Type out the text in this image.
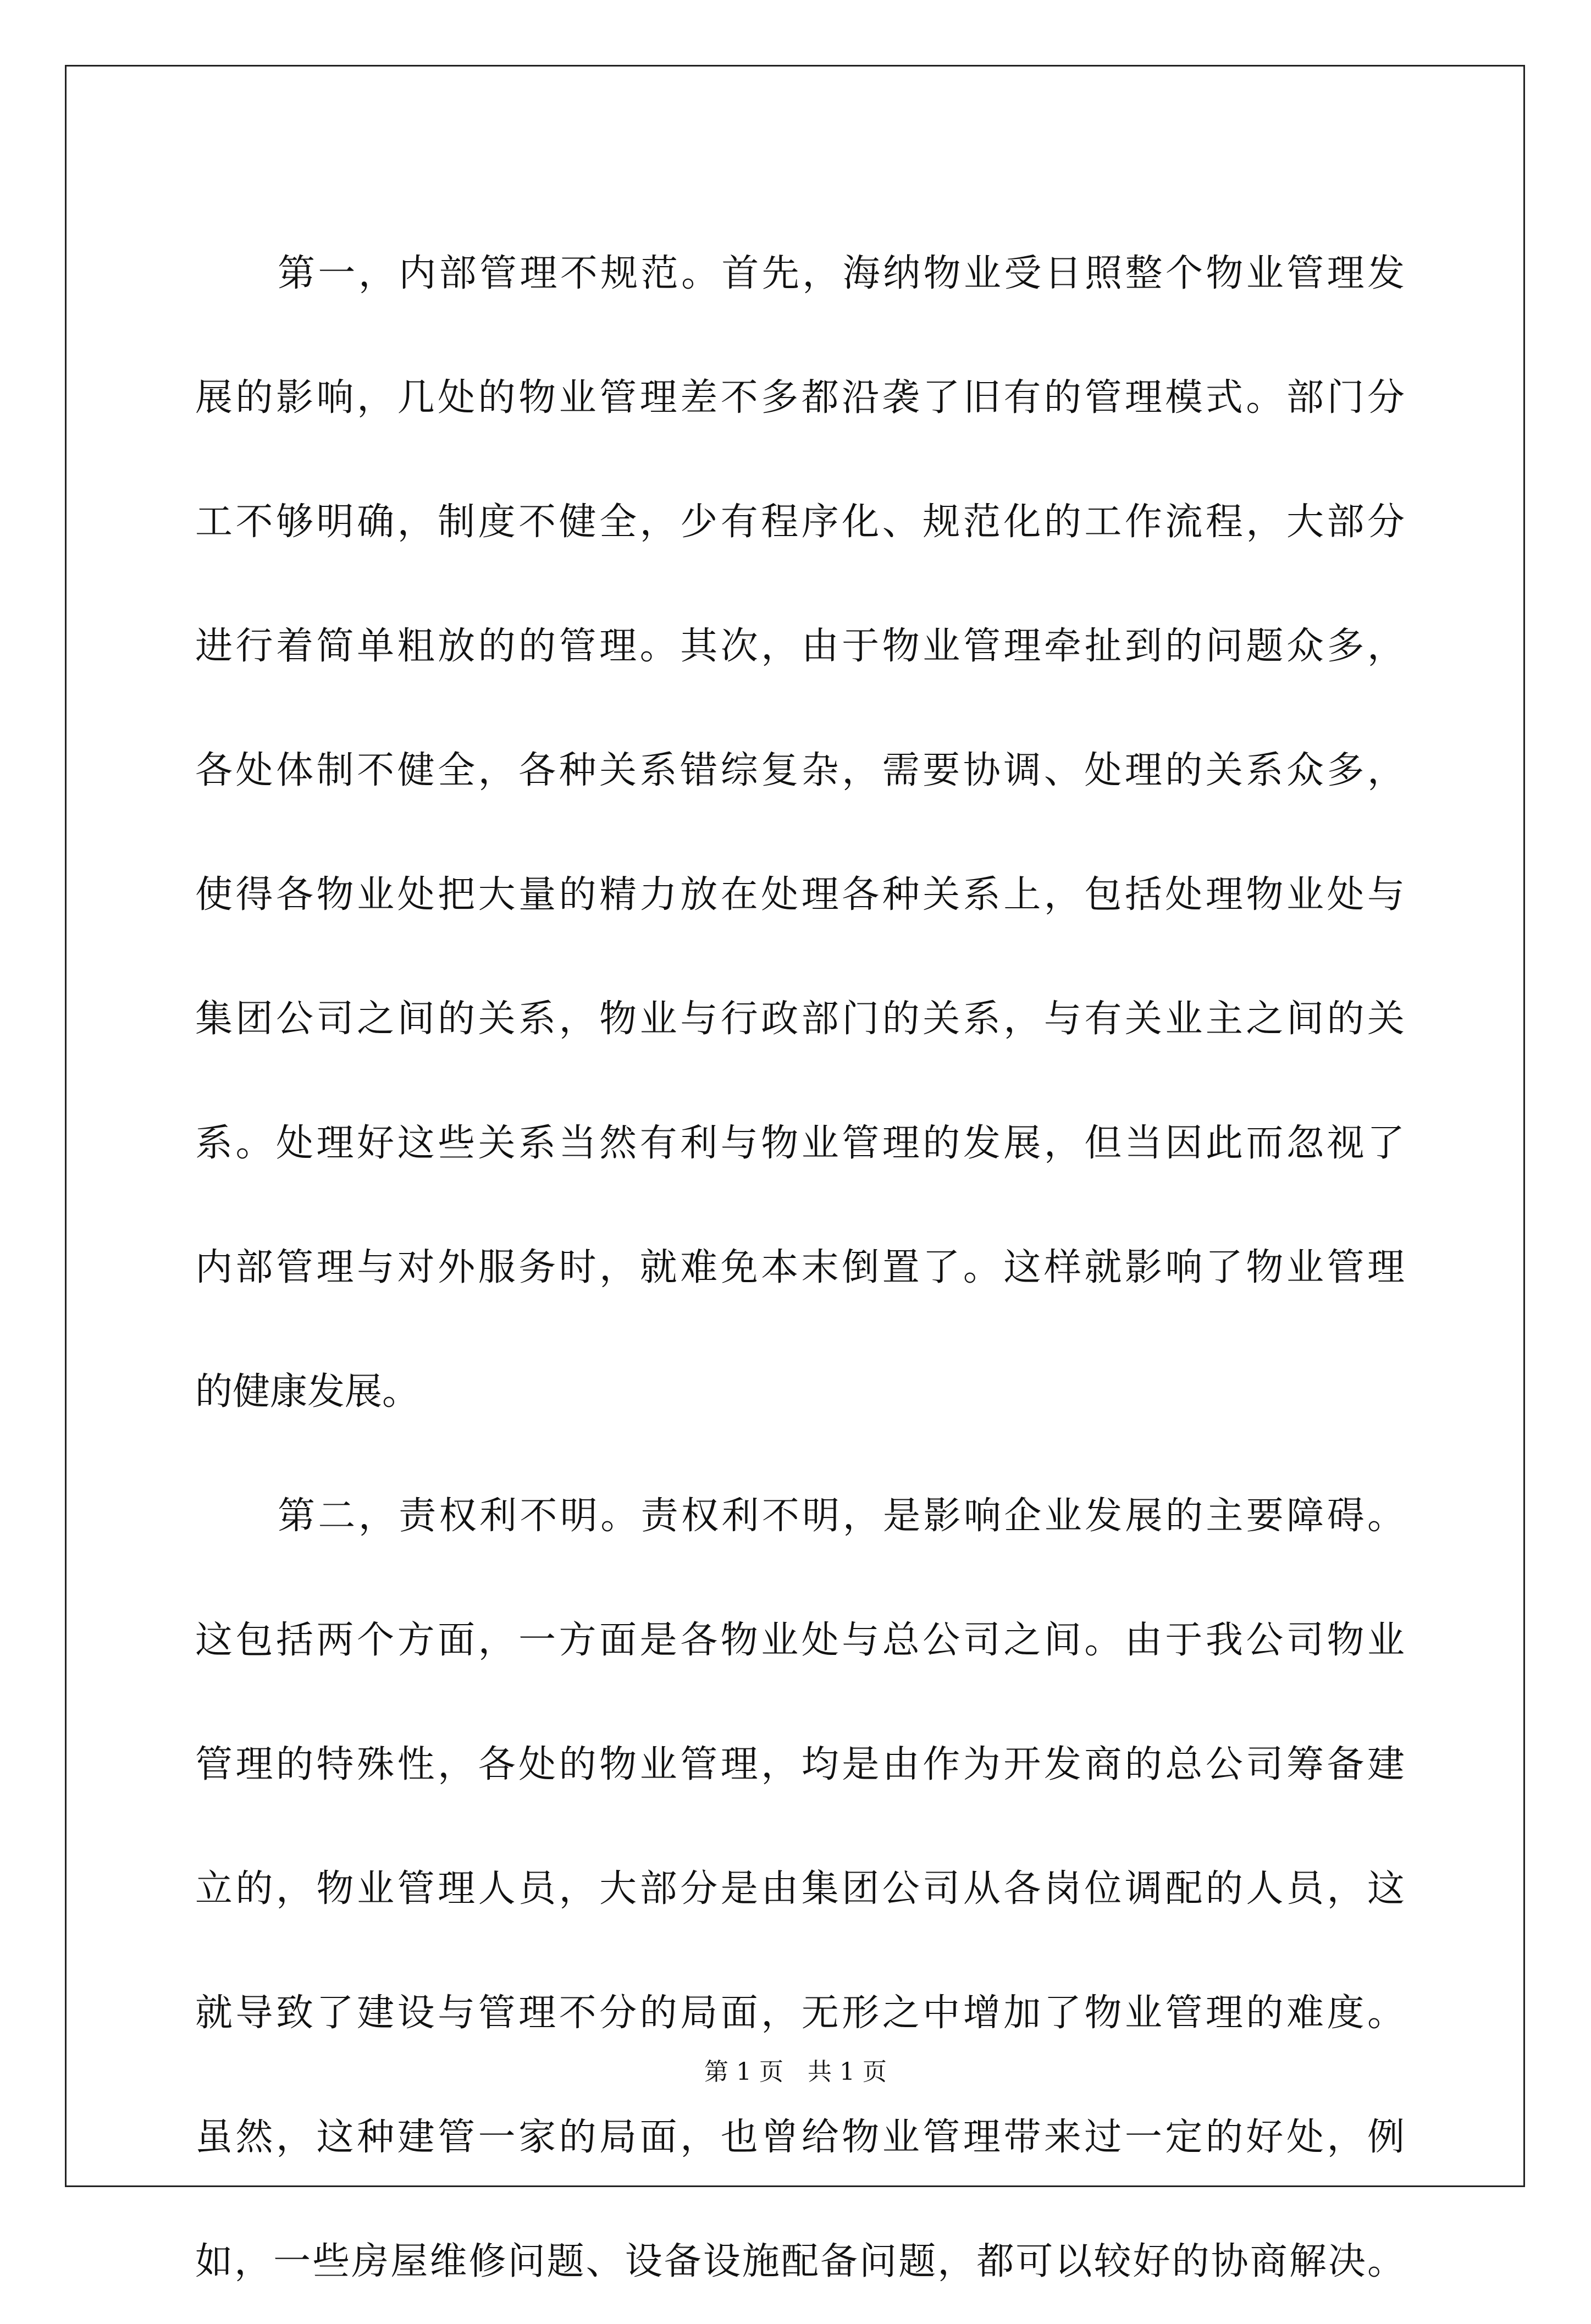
第一，内部管理不规范。首先，海纳物业受日照整个物业管理发
展的影响，几处的物业管理差不多都沿袭了旧有的管理模式。部门分
工不够明确，制度不健全，少有程序化、规范化的工作流程，大部分
进行着简单粗放的的管理。其次，由于物业管理牵扯到的问题众多，
各处体制不健全，各种关系错综复杂，需要协调、处理的关系众多，
使得各物业处把大量的精力放在处理各种关系上，包括处理物业处与
集团公司之间的关系，物业与行政部门的关系，与有关业主之间的关
系。处理好这些关系当然有利与物业管理的发展，但当因此而忽视了
内部管理与对外服务时，就难免本末倒置了。这样就影响了物业管理
的健康发展。
第二，责权利不明。责权利不明，是影响企业发展的主要障碍。
这包括两个方面，一方面是各物业处与总公司之间。由于我公司物业
管理的特殊性，各处的物业管理，均是由作为开发商的总公司筹备建
立的，物业管理人员，大部分是由集团公司从各岗位调配的人员，这
就导致了建设与管理不分的局面，无形之中增加了物业管理的难度。
虽然，这种建管一家的局面，也曾给物业管理带来过一定的好处，例
如，一些房屋维修问题、设备设施配备问题，都可以较好的协商解决。
第 1 页　共 1 页
